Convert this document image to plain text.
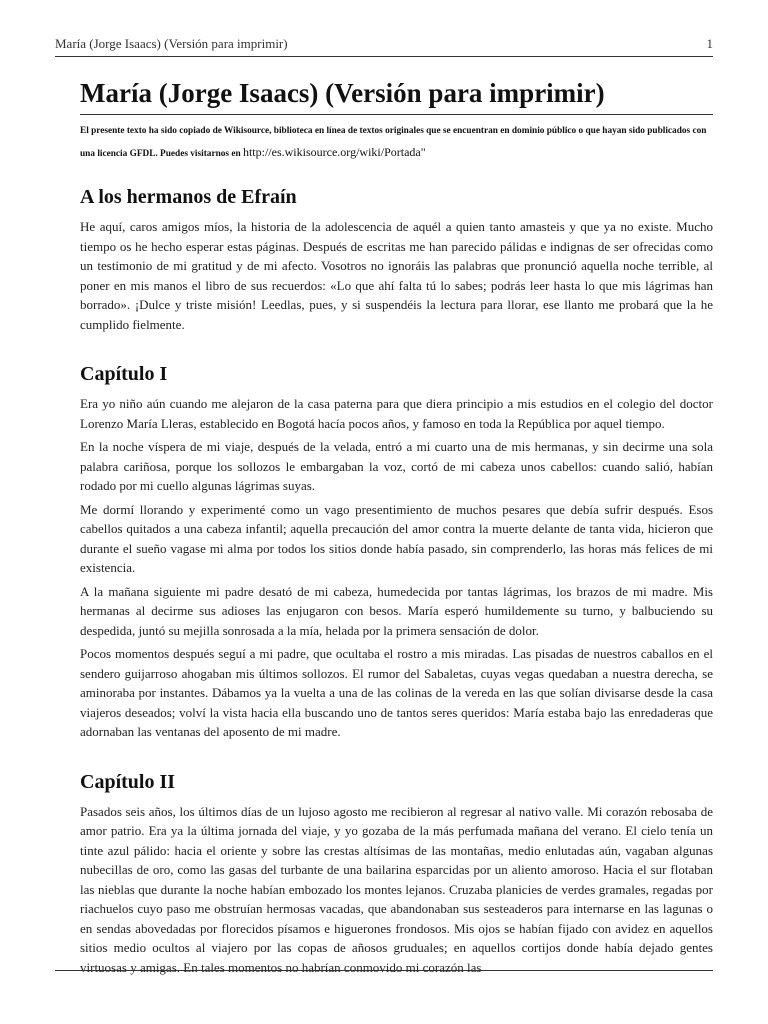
María (Jorge Isaacs) (Versión para imprimir)	1
María (Jorge Isaacs) (Versión para imprimir)
El presente texto ha sido copiado de Wikisource, biblioteca en línea de textos originales que se encuentran en dominio público o que hayan sido publicados con una licencia GFDL. Puedes visitarnos en http://es.wikisource.org/wiki/Portada"
A los hermanos de Efraín

He aquí, caros amigos míos, la historia de la adolescencia de aquél a quien tanto amasteis y que ya no existe. Mucho tiempo os he hecho esperar estas páginas. Después de escritas me han parecido pálidas e indignas de ser ofrecidas como un testimonio de mi gratitud y de mi afecto. Vosotros no ignoráis las palabras que pronunció aquella noche terrible, al poner en mis manos el libro de sus recuerdos: «Lo que ahí falta tú lo sabes; podrás leer hasta lo que mis lágrimas han borrado». ¡Dulce y triste misión! Leedlas, pues, y si suspendéis la lectura para llorar, ese llanto me probará que la he cumplido fielmente.

Capítulo I

Era yo niño aún cuando me alejaron de la casa paterna para que diera principio a mis estudios en el colegio del doctor Lorenzo María Lleras, establecido en Bogotá hacía pocos años, y famoso en toda la República por aquel tiempo.

En la noche víspera de mi viaje, después de la velada, entró a mi cuarto una de mis hermanas, y sin decirme una sola palabra cariñosa, porque los sollozos le embargaban la voz, cortó de mi cabeza unos cabellos: cuando salió, habían rodado por mi cuello algunas lágrimas suyas.

Me dormí llorando y experimenté como un vago presentimiento de muchos pesares que debía sufrir después. Esos cabellos quitados a una cabeza infantil; aquella precaución del amor contra la muerte delante de tanta vida, hicieron que durante el sueño vagase mi alma por todos los sitios donde había pasado, sin comprenderlo, las horas más felices de mi existencia.

A la mañana siguiente mi padre desató de mi cabeza, humedecida por tantas lágrimas, los brazos de mi madre. Mis hermanas al decirme sus adioses las enjugaron con besos. María esperó humildemente su turno, y balbuciendo su despedida, juntó su mejilla sonrosada a la mía, helada por la primera sensación de dolor.

Pocos momentos después seguí a mi padre, que ocultaba el rostro a mis miradas. Las pisadas de nuestros caballos en el sendero guijarroso ahogaban mis últimos sollozos. El rumor del Sabaletas, cuyas vegas quedaban a nuestra derecha, se aminoraba por instantes. Dábamos ya la vuelta a una de las colinas de la vereda en las que solían divisarse desde la casa viajeros deseados; volví la vista hacia ella buscando uno de tantos seres queridos: María estaba bajo las enredaderas que adornaban las ventanas del aposento de mi madre.

Capítulo II

Pasados seis años, los últimos días de un lujoso agosto me recibieron al regresar al nativo valle. Mi corazón rebosaba de amor patrio. Era ya la última jornada del viaje, y yo gozaba de la más perfumada mañana del verano. El cielo tenía un tinte azul pálido: hacia el oriente y sobre las crestas altísimas de las montañas, medio enlutadas aún, vagaban algunas nubecillas de oro, como las gasas del turbante de una bailarina esparcidas por un aliento amoroso. Hacia el sur flotaban las nieblas que durante la noche habían embozado los montes lejanos. Cruzaba planicies de verdes gramales, regadas por riachuelos cuyo paso me obstruían hermosas vacadas, que abandonaban sus sesteaderos para internarse en las lagunas o en sendas abovedadas por florecidos písamos e higuerones frondosos. Mis ojos se habían fijado con avidez en aquellos sitios medio ocultos al viajero por las copas de añosos gruduales; en aquellos cortijos donde había dejado gentes virtuosas y amigas. En tales momentos no habrían conmovido mi corazón las
